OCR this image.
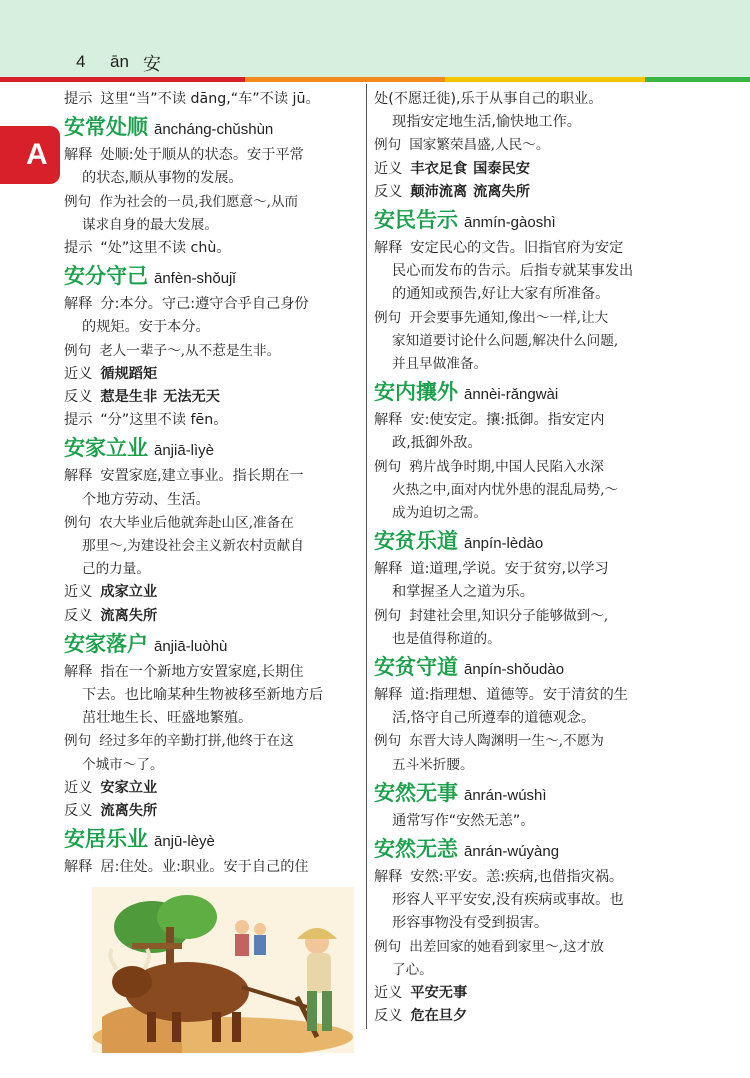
4 ān 安
A
提示 这里“当”不读 dāng,“车”不读 jū。
安常处顺 āncháng-chǔshùn
解释 处顺:处于顺从的状态。安于平常
的状态,顺从事物的发展。
例句 作为社会的一员,我们愿意～,从而
谋求自身的最大发展。
提示 “处”这里不读 chù。
安分守己 ānfèn-shǒujǐ
解释 分:本分。守己:遵守合乎自己身份
的规矩。安于本分。
例句 老人一辈子～,从不惹是生非。
近义 循规蹈矩
反义 惹是生非 无法无天
提示 “分”这里不读 fēn。
安家立业 ānjiā-lìyè
解释 安置家庭,建立事业。指长期在一
个地方劳动、生活。
例句 农大毕业后他就奔赴山区,准备在
那里～,为建设社会主义新农村贡献自
己的力量。
近义 成家立业
反义 流离失所
安家落户 ānjiā-luòhù
解释 指在一个新地方安置家庭,长期住
下去。也比喻某种生物被移至新地方后
茁壮地生长、旺盛地繁殖。
例句 经过多年的辛勤打拼,他终于在这
个城市～了。
近义 安家立业
反义 流离失所
安居乐业 ānjū-lèyè
解释 居:住处。业:职业。安于自己的住
处(不愿迁徙),乐于从事自己的职业。
现指安定地生活,愉快地工作。
例句 国家繁荣昌盛,人民～。
近义 丰衣足食 国泰民安
反义 颠沛流离 流离失所
安民告示 ānmín-gàoshì
解释 安定民心的文告。旧指官府为安定
民心而发布的告示。后指专就某事发出
的通知或预告,好让大家有所准备。
例句 开会要事先通知,像出～一样,让大
家知道要讨论什么问题,解决什么问题,
并且早做准备。
安内攘外 ānnèi-rǎngwài
解释 安:使安定。攘:抵御。指安定内
政,抵御外敌。
例句 鸦片战争时期,中国人民陷入水深
火热之中,面对内忧外患的混乱局势,～
成为迫切之需。
安贫乐道 ānpín-lèdào
解释 道:道理,学说。安于贫穷,以学习
和掌握圣人之道为乐。
例句 封建社会里,知识分子能够做到～,
也是值得称道的。
安贫守道 ānpín-shǒudào
解释 道:指理想、道德等。安于清贫的生
活,恪守自己所遵奉的道德观念。
例句 东晋大诗人陶渊明一生～,不愿为
五斗米折腰。
安然无事 ānrán-wúshì
通常写作“安然无恙”。
安然无恙 ānrán-wúyàng
解释 安然:平安。恙:疾病,也借指灾祸。
形容人平平安安,没有疾病或事故。也
形容事物没有受到损害。
例句 出差回家的她看到家里～,这才放
了心。
近义 平安无事
反义 危在旦夕
